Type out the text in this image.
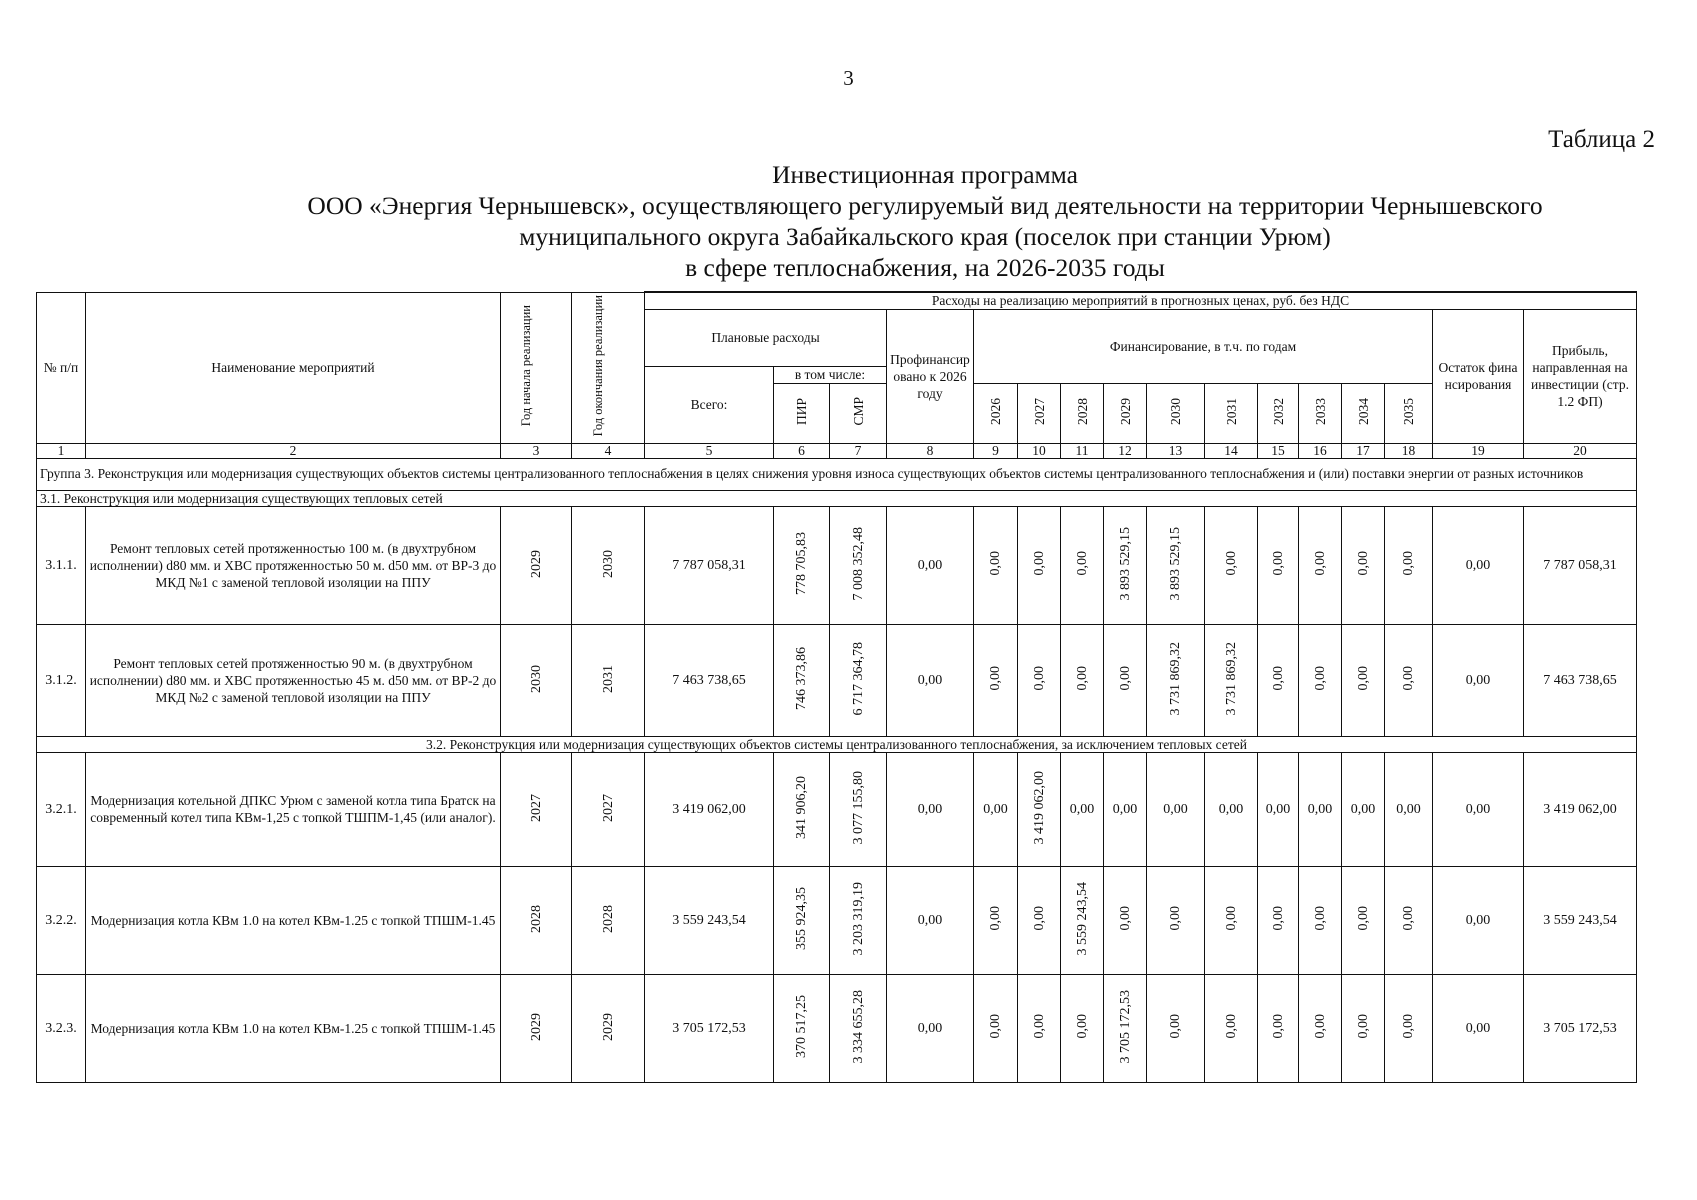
3
Таблица 2
Инвестиционная программа
ООО «Энергия Чернышевск», осуществляющего регулируемый вид деятельности на территории Чернышевского
муниципального округа Забайкальского края (поселок при станции Урюм)
в сфере теплоснабжения, на 2026-2035 годы
№ п/п	Наименование мероприятий	Год начала реализации	Год окончания реализации	Расходы на реализацию мероприятий в прогнозных ценах, руб. без НДС															
				Плановые расходы			Профинансировано к 2026 году	Финансирование, в т.ч. по годам										Остаток финансирования	Прибыль, направленная на инвестиции (стр. 1.2 ФП)
				Всего:	в том числе:														
					ПИР	СМР		2026	2027	2028	2029	2030	2031	2032	2033	2034	2035		
1	2	3	4	5	6	7	8	9	10	11	12	13	14	15	16	17	18	19	20
Группа 3. Реконструкция или модернизация существующих объектов системы централизованного теплоснабжения в целях снижения уровня износа существующих объектов системы централизованного теплоснабжения и (или) поставки энергии от разных источников																			
3.1. Реконструкция или модернизация существующих тепловых сетей																			
3.1.1.	Ремонт тепловых сетей протяженностью 100 м. (в двухтрубном исполнении) d80 мм. и ХВС протяженностью 50 м. d50 мм. от ВР-3 до МКД №1 с заменой тепловой изоляции на ППУ	2029	2030	7 787 058,31	778 705,83	7 008 352,48	0,00	0,00	0,00	0,00	3 893 529,15	3 893 529,15	0,00	0,00	0,00	0,00	0,00	0,00	7 787 058,31
3.1.2.	Ремонт тепловых сетей протяженностью 90 м. (в двухтрубном исполнении) d80 мм. и ХВС протяженностью 45 м. d50 мм. от ВР-2 до МКД №2 с заменой тепловой изоляции на ППУ	2030	2031	7 463 738,65	746 373,86	6 717 364,78	0,00	0,00	0,00	0,00	0,00	3 731 869,32	3 731 869,32	0,00	0,00	0,00	0,00	0,00	7 463 738,65
3.2. Реконструкция или модернизация существующих объектов системы централизованного теплоснабжения, за исключением тепловых сетей																			
3.2.1.	Модернизация котельной ДПКС Урюм с заменой котла типа Братск на современный котел типа КВм-1,25 с топкой ТШПМ-1,45 (или аналог).	2027	2027	3 419 062,00	341 906,20	3 077 155,80	0,00	0,00	3 419 062,00	0,00	0,00	0,00	0,00	0,00	0,00	0,00	0,00	0,00	3 419 062,00
3.2.2.	Модернизация котла КВм 1.0 на котел КВм-1.25 с топкой ТПШМ-1.45	2028	2028	3 559 243,54	355 924,35	3 203 319,19	0,00	0,00	0,00	3 559 243,54	0,00	0,00	0,00	0,00	0,00	0,00	0,00	0,00	3 559 243,54
3.2.3.	Модернизация котла КВм 1.0 на котел КВм-1.25 с топкой ТПШМ-1.45	2029	2029	3 705 172,53	370 517,25	3 334 655,28	0,00	0,00	0,00	0,00	3 705 172,53	0,00	0,00	0,00	0,00	0,00	0,00	0,00	3 705 172,53
